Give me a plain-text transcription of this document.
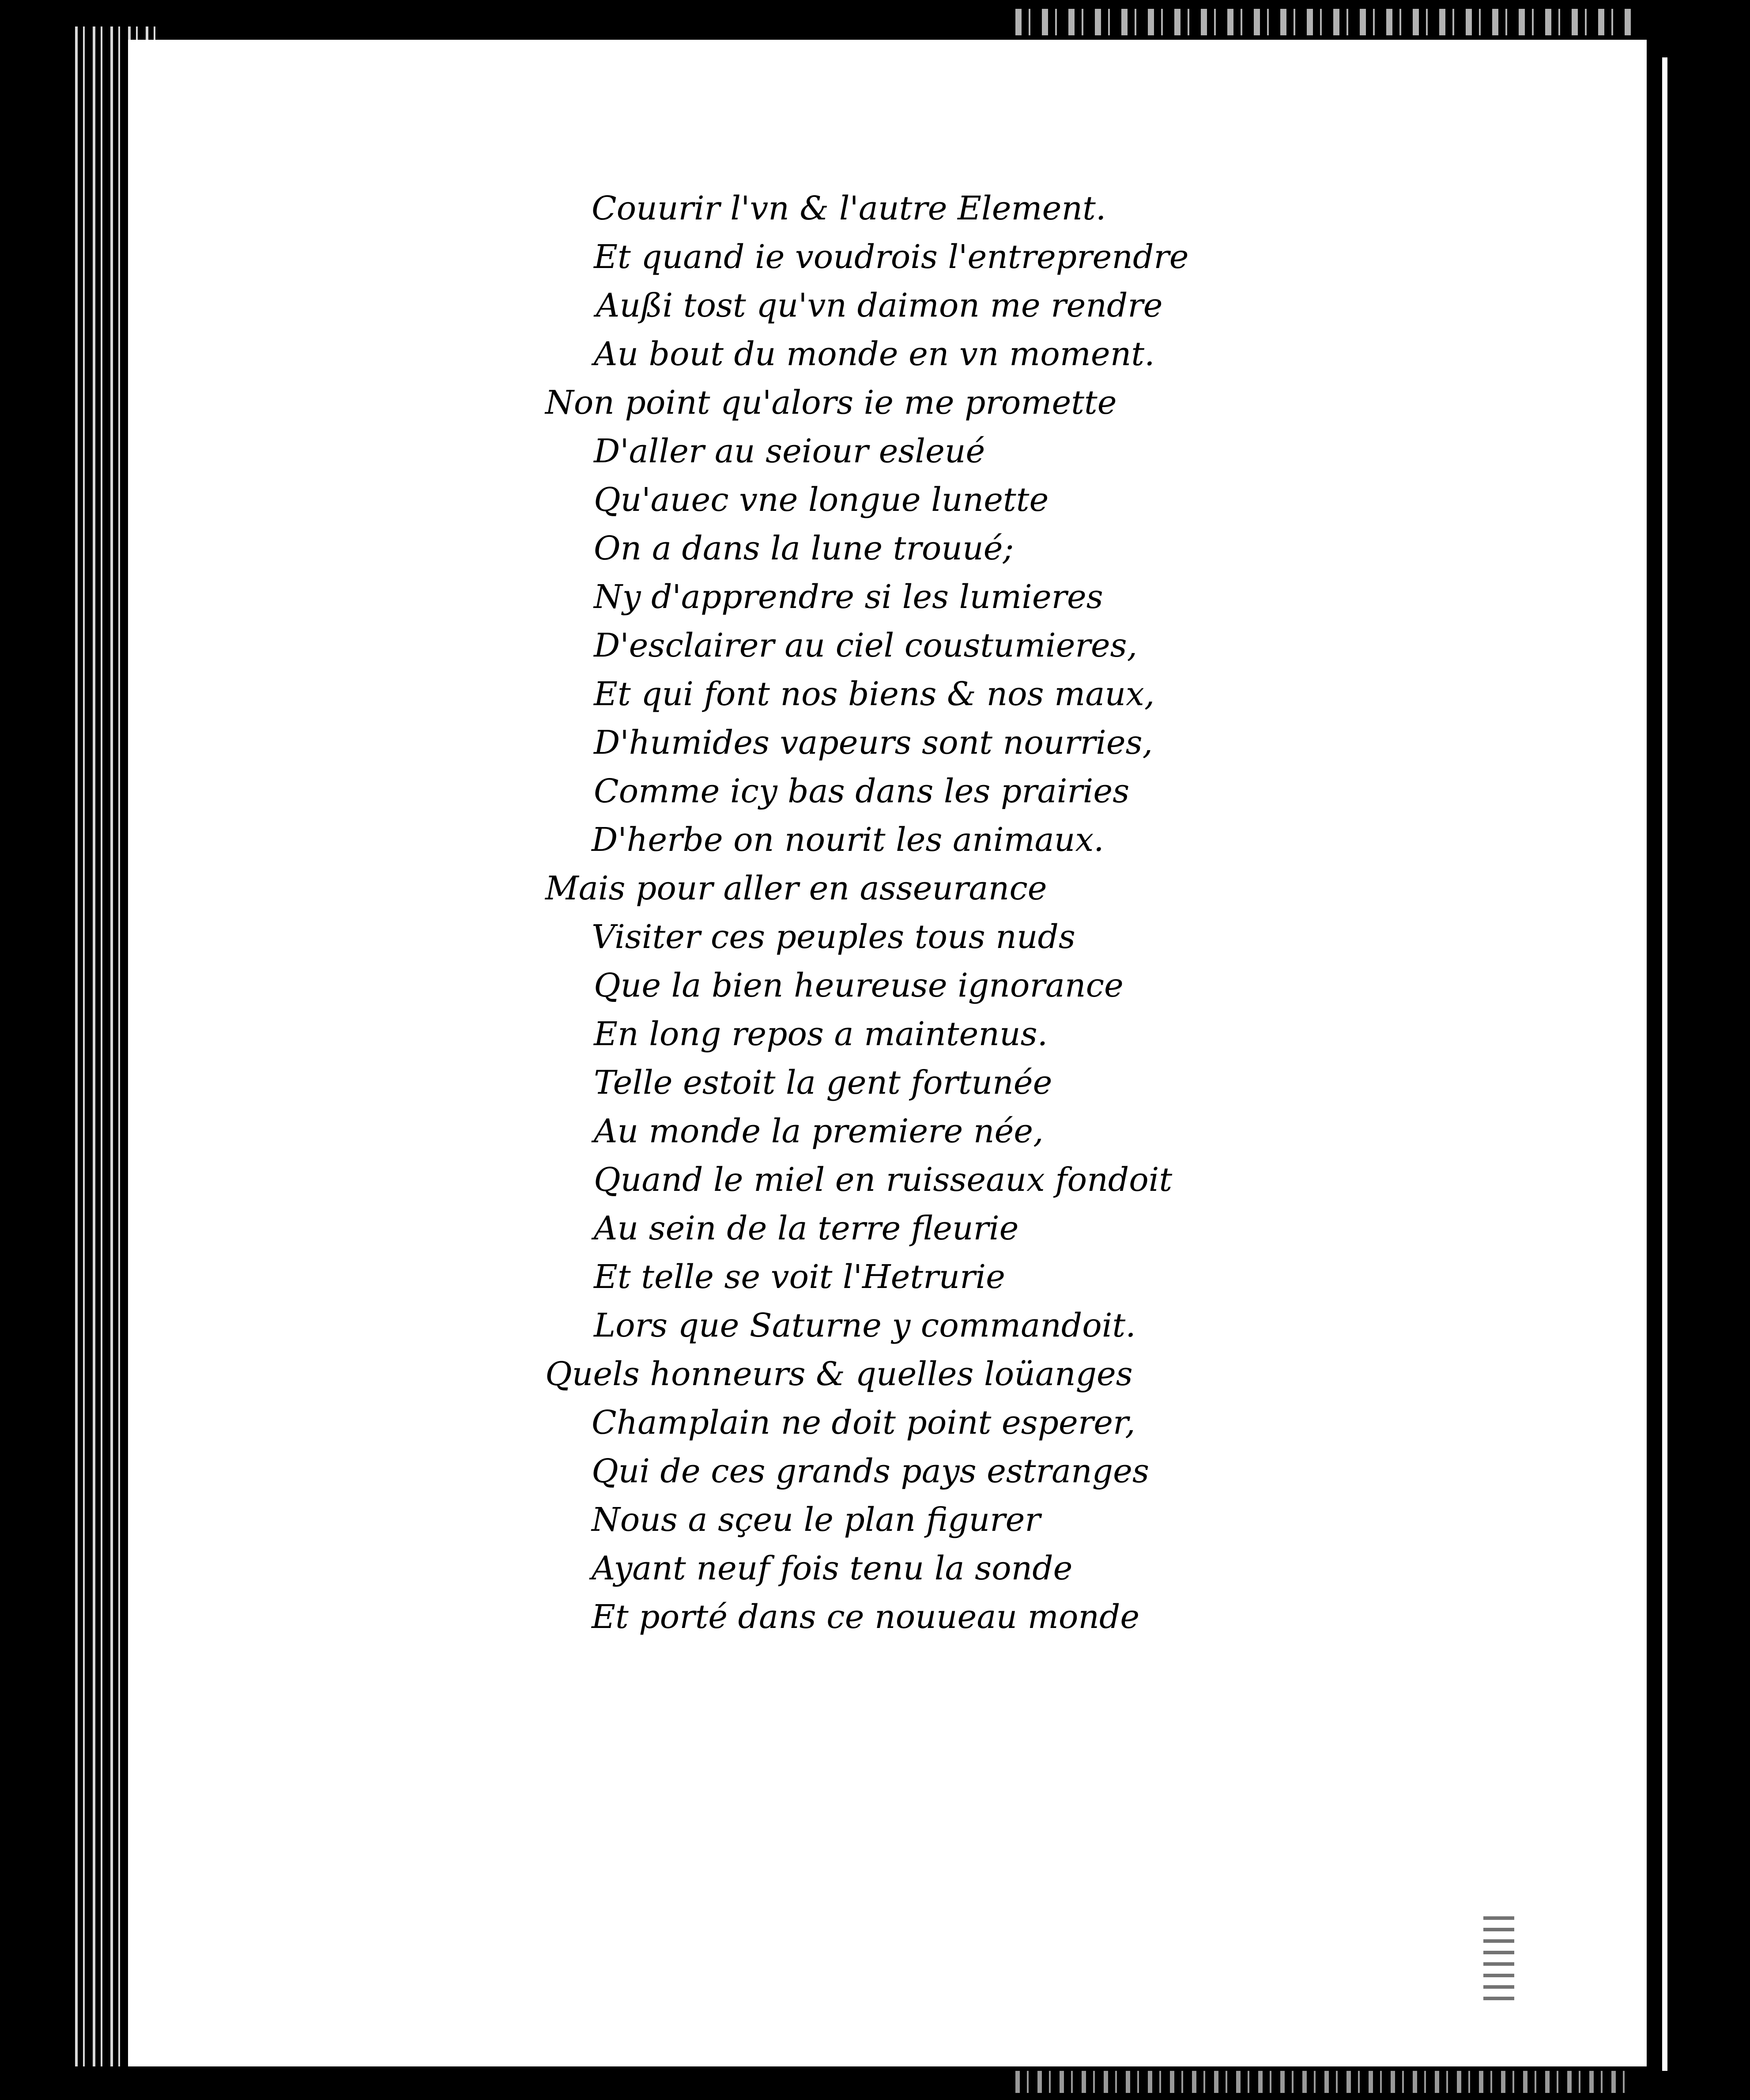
Couurir l'vn & l'autre Element.
Et quand ie voudrois l'entreprendre
Außi tost qu'vn daimon me rendre
Au bout du monde en vn moment.
Non point qu'alors ie me promette
D'aller au seiour esleué
Qu'auec vne longue lunette
On a dans la lune trouué;
Ny d'apprendre si les lumieres
D'esclairer au ciel coustumieres,
Et qui font nos biens & nos maux,
D'humides vapeurs sont nourries,
Comme icy bas dans les prairies
D'herbe on nourit les animaux.
Mais pour aller en asseurance
Visiter ces peuples tous nuds
Que la bien heureuse ignorance
En long repos a maintenus.
Telle estoit la gent fortunée
Au monde la premiere née,
Quand le miel en ruisseaux fondoit
Au sein de la terre fleurie
Et telle se voit l'Hetrurie
Lors que Saturne y commandoit.
Quels honneurs & quelles loüanges
Champlain ne doit point esperer,
Qui de ces grands pays estranges
Nous a sçeu le plan figurer
Ayant neuf fois tenu la sonde
Et porté dans ce nouueau monde
